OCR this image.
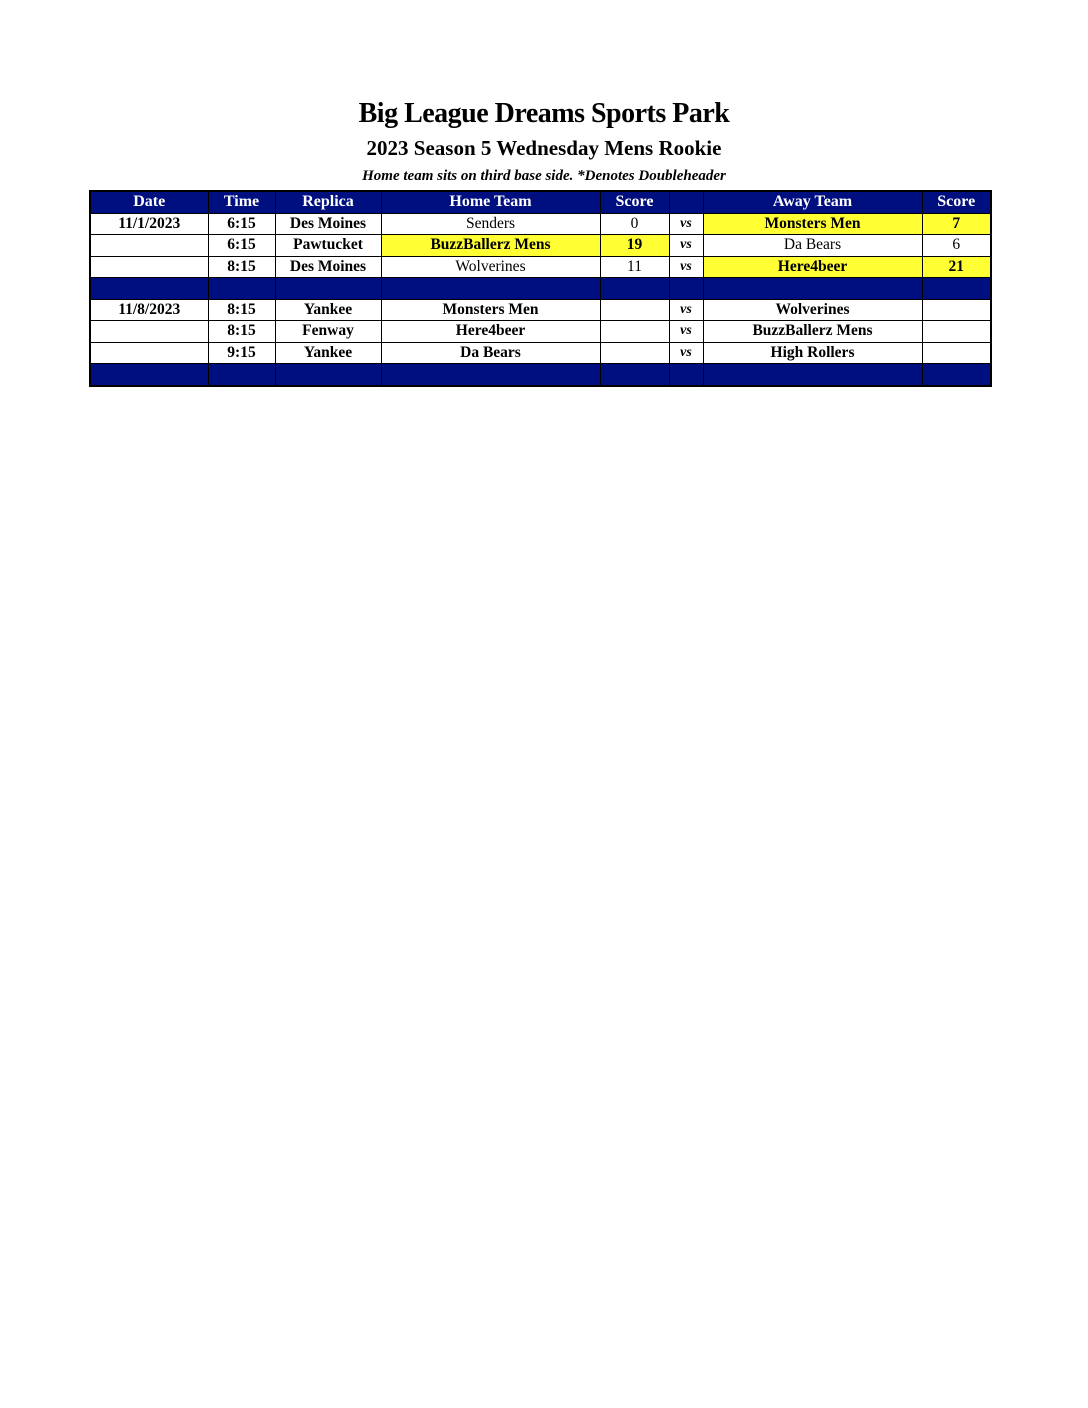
Big League Dreams Sports Park
2023 Season 5 Wednesday Mens Rookie
Home team sits on third base side. *Denotes Doubleheader
Date	Time	Replica	Home Team	Score		Away Team	Score
11/1/2023	6:15	Des Moines	Senders	0	vs	Monsters Men	7
	6:15	Pawtucket	BuzzBallerz Mens	19	vs	Da Bears	6
	8:15	Des Moines	Wolverines	11	vs	Here4beer	21

11/8/2023	8:15	Yankee	Monsters Men		vs	Wolverines	
	8:15	Fenway	Here4beer		vs	BuzzBallerz Mens	
	9:15	Yankee	Da Bears		vs	High Rollers	
